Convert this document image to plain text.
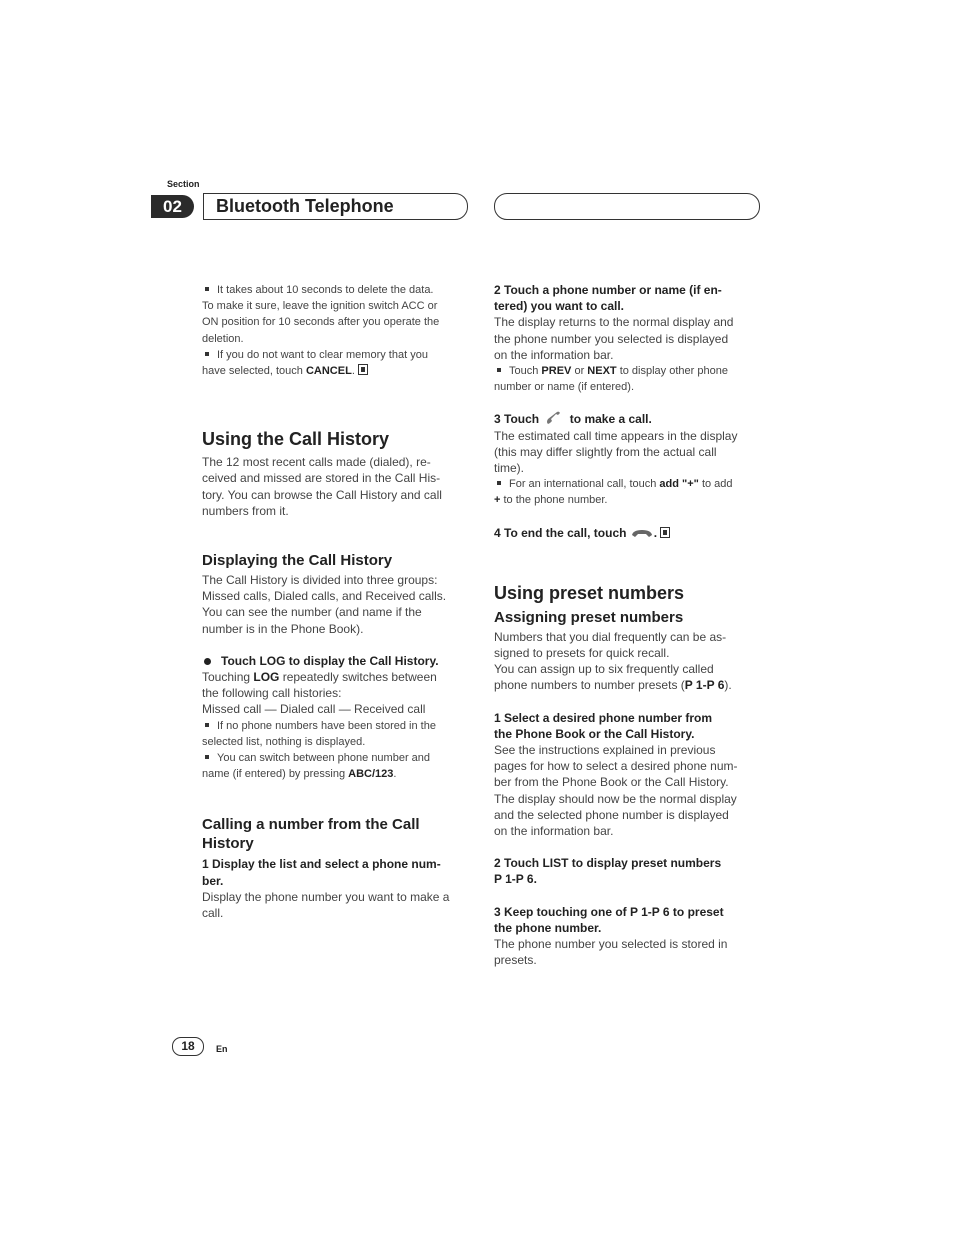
Section
02	Bluetooth Telephone

It takes about 10 seconds to delete the data.

To make it sure, leave the ignition switch ACC or

ON position for 10 seconds after you operate the

deletion.

If you do not want to clear memory that you

have selected, touch CANCEL.

Using the Call History

The 12 most recent calls made (dialed), re-

ceived and missed are stored in the Call His-

tory. You can browse the Call History and call

numbers from it.

Displaying the Call History

The Call History is divided into three groups:

Missed calls, Dialed calls, and Received calls.

You can see the number (and name if the

number is in the Phone Book).

Touch LOG to display the Call History.

Touching LOG repeatedly switches between

the following call histories:

Missed call — Dialed call — Received call

If no phone numbers have been stored in the

selected list, nothing is displayed.

You can switch between phone number and

name (if entered) by pressing ABC/123.

Calling a number from the Call
History

1 Display the list and select a phone num-

ber.

Display the phone number you want to make a

call.

2 Touch a phone number or name (if en-

tered) you want to call.

The display returns to the normal display and

the phone number you selected is displayed

on the information bar.

Touch PREV or NEXT to display other phone

number or name (if entered).

3 Touch  to make a call.

The estimated call time appears in the display

(this may differ slightly from the actual call

time).

For an international call, touch add "+" to add

+ to the phone number.

4 To end the call, touch .

Using preset numbers
Assigning preset numbers

Numbers that you dial frequently can be as-

signed to presets for quick recall.

You can assign up to six frequently called

phone numbers to number presets (P 1-P 6).

1 Select a desired phone number from

the Phone Book or the Call History.

See the instructions explained in previous

pages for how to select a desired phone num-

ber from the Phone Book or the Call History.

The display should now be the normal display

and the selected phone number is displayed

on the information bar.

2 Touch LIST to display preset numbers

P 1-P 6.

3 Keep touching one of P 1-P 6 to preset

the phone number.

The phone number you selected is stored in

presets.

18	En
